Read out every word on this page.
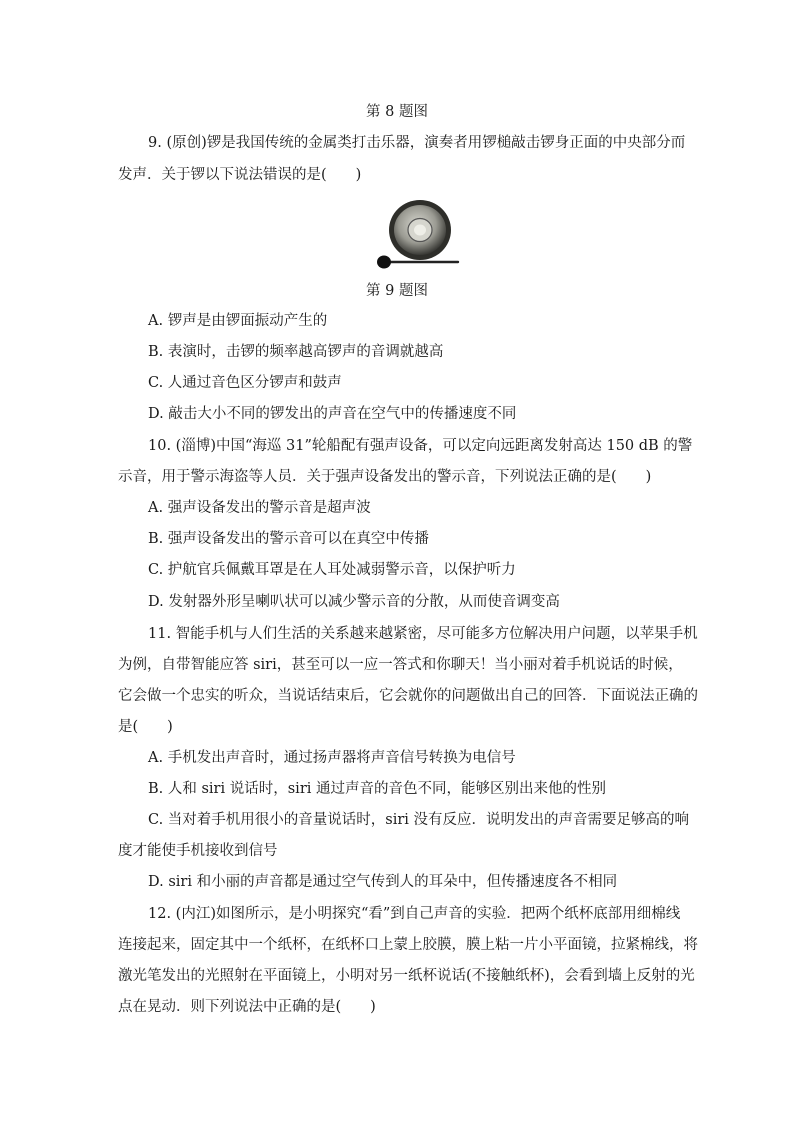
第 8 题图
9. (原创)锣是我国传统的金属类打击乐器，演奏者用锣槌敲击锣身正面的中央部分而
发声．关于锣以下说法错误的是(　　)
第 9 题图
A. 锣声是由锣面振动产生的
B. 表演时，击锣的频率越高锣声的音调就越高
C. 人通过音色区分锣声和鼓声
D. 敲击大小不同的锣发出的声音在空气中的传播速度不同
10. (淄博)中国“海巡 31”轮船配有强声设备，可以定向远距离发射高达 150 dB 的警
示音，用于警示海盗等人员．关于强声设备发出的警示音，下列说法正确的是(　　)
A. 强声设备发出的警示音是超声波
B. 强声设备发出的警示音可以在真空中传播
C. 护航官兵佩戴耳罩是在人耳处减弱警示音，以保护听力
D. 发射器外形呈喇叭状可以减少警示音的分散，从而使音调变高
11. 智能手机与人们生活的关系越来越紧密，尽可能多方位解决用户问题，以苹果手机
为例，自带智能应答 siri，甚至可以一应一答式和你聊天！当小丽对着手机说话的时候，
它会做一个忠实的听众，当说话结束后，它会就你的问题做出自己的回答．下面说法正确的
是(　　)
A. 手机发出声音时，通过扬声器将声音信号转换为电信号
B. 人和 siri 说话时，siri 通过声音的音色不同，能够区别出来他的性别
C. 当对着手机用很小的音量说话时，siri 没有反应．说明发出的声音需要足够高的响
度才能使手机接收到信号
D. siri 和小丽的声音都是通过空气传到人的耳朵中，但传播速度各不相同
12. (内江)如图所示，是小明探究“看”到自己声音的实验．把两个纸杯底部用细棉线
连接起来，固定其中一个纸杯，在纸杯口上蒙上胶膜，膜上粘一片小平面镜，拉紧棉线，将
激光笔发出的光照射在平面镜上，小明对另一纸杯说话(不接触纸杯)，会看到墙上反射的光
点在晃动．则下列说法中正确的是(　　)
